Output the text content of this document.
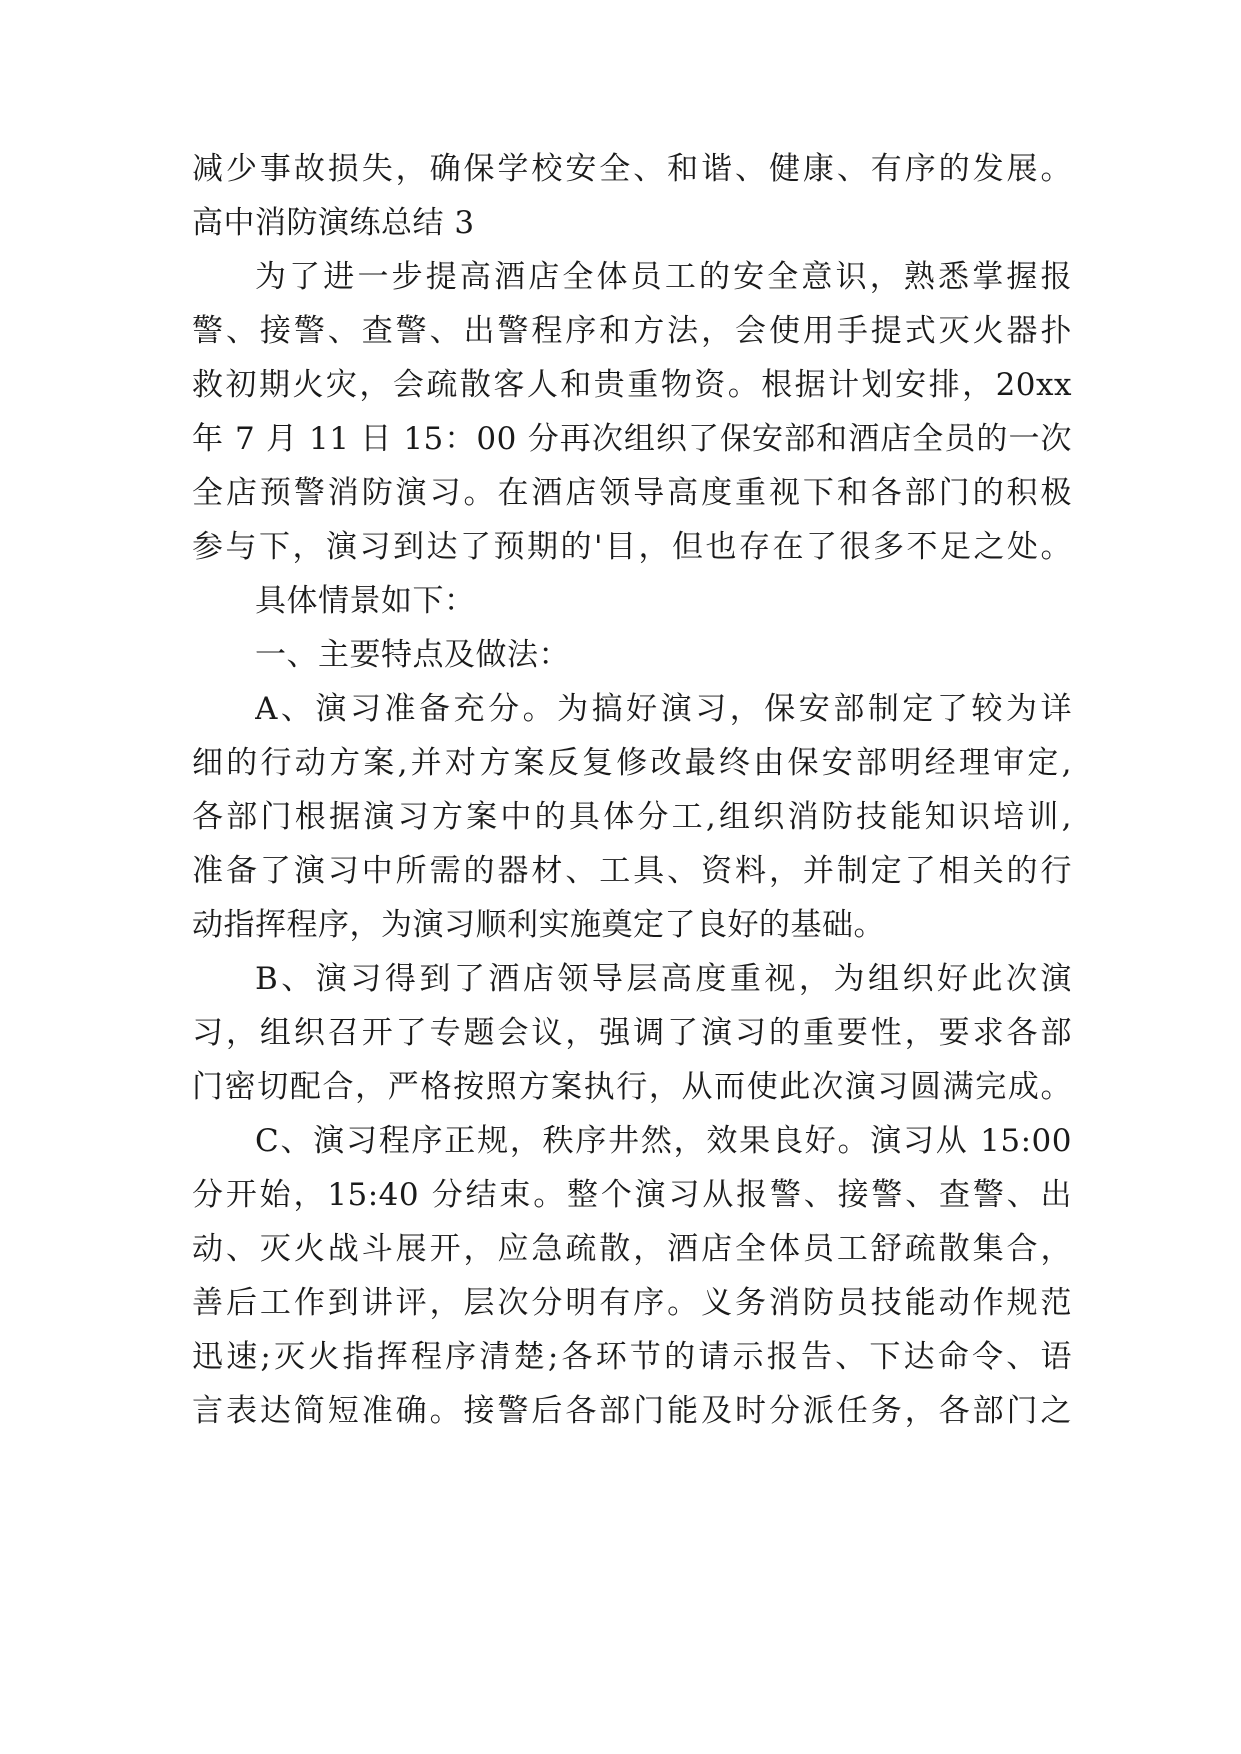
减少事故损失，确保学校安全、和谐、健康、有序的发展。
高中消防演练总结 3
为了进一步提高酒店全体员工的安全意识，熟悉掌握报
警、接警、查警、出警程序和方法，会使用手提式灭火器扑
救初期火灾，会疏散客人和贵重物资。根据计划安排，20xx
年 7 月 11 日 15：00 分再次组织了保安部和酒店全员的一次
全店预警消防演习。在酒店领导高度重视下和各部门的积极
参与下，演习到达了预期的'目，但也存在了很多不足之处。
具体情景如下：
一、主要特点及做法：
A、演习准备充分。为搞好演习，保安部制定了较为详
细的行动方案,并对方案反复修改最终由保安部明经理审定,
各部门根据演习方案中的具体分工,组织消防技能知识培训,
准备了演习中所需的器材、工具、资料，并制定了相关的行
动指挥程序，为演习顺利实施奠定了良好的基础。
B、演习得到了酒店领导层高度重视，为组织好此次演
习，组织召开了专题会议，强调了演习的重要性，要求各部
门密切配合，严格按照方案执行，从而使此次演习圆满完成。
C、演习程序正规，秩序井然，效果良好。演习从 15:00
分开始，15:40 分结束。整个演习从报警、接警、查警、出
动、灭火战斗展开，应急疏散，酒店全体员工舒疏散集合，
善后工作到讲评，层次分明有序。义务消防员技能动作规范
迅速;灭火指挥程序清楚;各环节的请示报告、下达命令、语
言表达简短准确。接警后各部门能及时分派任务，各部门之
